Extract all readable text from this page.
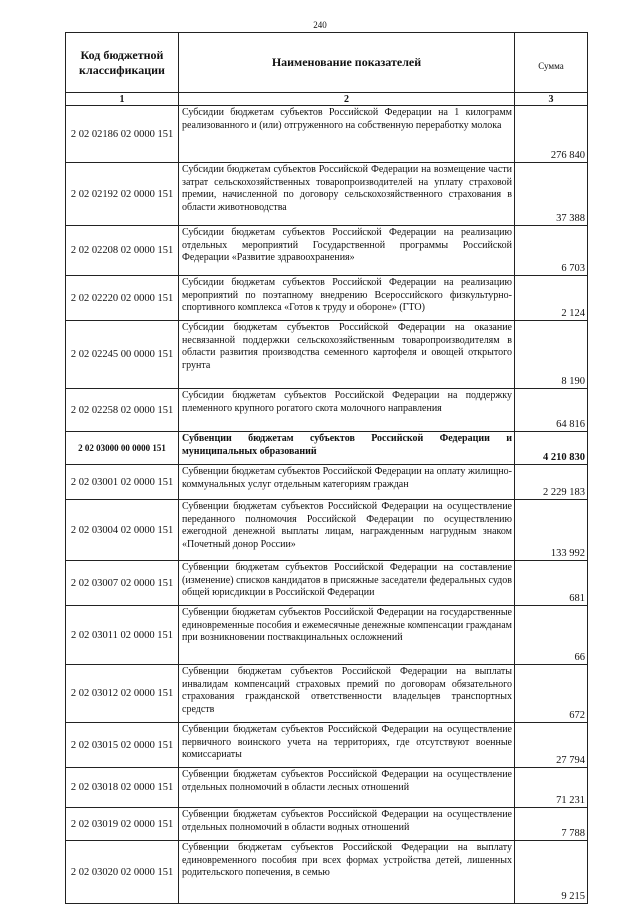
240
Код бюджетной классификации	Наименование показателей	Сумма
1	2	3
2 02 02186 02 0000 151	Субсидии бюджетам субъектов Российской Федерации на 1 килограмм реализованного и (или) отгруженного на собственную переработку молока	276 840
2 02 02192 02 0000 151	Субсидии бюджетам субъектов Российской Федерации на возмещение части затрат сельскохозяйственных товаропроизводителей на уплату страховой премии, начисленной по договору сельскохозяйственного страхования в области животноводства	37 388
2 02 02208 02 0000 151	Субсидии бюджетам субъектов Российской Федерации на реализацию отдельных мероприятий Государственной программы Российской Федерации «Развитие здравоохранения»	6 703
2 02 02220 02 0000 151	Субсидии бюджетам субъектов Российской Федерации на реализацию мероприятий по поэтапному внедрению Всероссийского физкультурно-спортивного комплекса «Готов к труду и обороне» (ГТО)	2 124
2 02 02245 00 0000 151	Субсидии бюджетам субъектов Российской Федерации на оказание несвязанной поддержки сельскохозяйственным товаропроизводителям в области развития производства семенного картофеля и овощей открытого грунта	8 190
2 02 02258 02 0000 151	Субсидии бюджетам субъектов Российской Федерации на поддержку племенного крупного рогатого скота молочного направления	64 816
2 02 03000 00 0000 151	Субвенции бюджетам субъектов Российской Федерации и муниципальных образований	4 210 830
2 02 03001 02 0000 151	Субвенции бюджетам субъектов Российской Федерации на оплату жилищно-коммунальных услуг отдельным категориям граждан	2 229 183
2 02 03004 02 0000 151	Субвенции бюджетам субъектов Российской Федерации на осуществление переданного полномочия Российской Федерации по осуществлению ежегодной денежной выплаты лицам, награжденным нагрудным знаком «Почетный донор России»	133 992
2 02 03007 02 0000 151	Субвенции бюджетам субъектов Российской Федерации на составление (изменение) списков кандидатов в присяжные заседатели федеральных судов общей юрисдикции в Российской Федерации	681
2 02 03011 02 0000 151	Субвенции бюджетам субъектов Российской Федерации на государственные единовременные пособия и ежемесячные денежные компенсации гражданам при возникновении поствакцинальных осложнений	66
2 02 03012 02 0000 151	Субвенции бюджетам субъектов Российской Федерации на выплаты инвалидам компенсаций страховых премий по договорам обязательного страхования гражданской ответственности владельцев транспортных средств	672
2 02 03015 02 0000 151	Субвенции бюджетам субъектов Российской Федерации на осуществление первичного воинского учета на территориях, где отсутствуют военные комиссариаты	27 794
2 02 03018 02 0000 151	Субвенции бюджетам субъектов Российской Федерации на осуществление отдельных полномочий в области лесных отношений	71 231
2 02 03019 02 0000 151	Субвенции бюджетам субъектов Российской Федерации на осуществление отдельных полномочий в области водных отношений	7 788
2 02 03020 02 0000 151	Субвенции бюджетам субъектов Российской Федерации на выплату единовременного пособия при всех формах устройства детей, лишенных родительского попечения, в семью	9 215
